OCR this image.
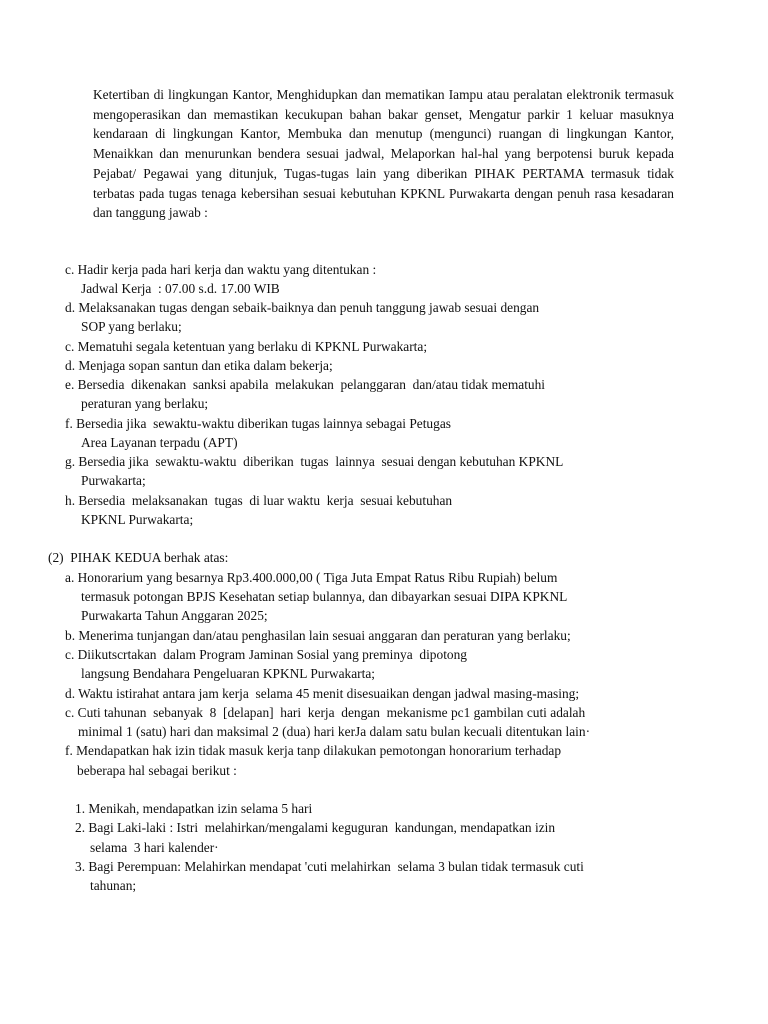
Ketertiban di lingkungan Kantor, Menghidupkan dan mematikan Iampu atau peralatan elektronik termasuk mengoperasikan dan memastikan kecukupan bahan bakar genset, Mengatur parkir 1 keluar masuknya kendaraan di lingkungan Kantor, Membuka dan menutup (mengunci) ruangan di lingkungan Kantor, Menaikkan dan menurunkan bendera sesuai jadwal, Melaporkan hal-hal yang berpotensi buruk kepada Pejabat/ Pegawai yang ditunjuk, Tugas-tugas lain yang diberikan PIHAK PERTAMA termasuk tidak terbatas pada tugas tenaga kebersihan sesuai kebutuhan KPKNL Purwakarta dengan penuh rasa kesadaran dan tanggung jawab :
c. Hadir kerja pada hari kerja dan waktu yang ditentukan :
Jadwal Kerja  : 07.00 s.d. 17.00 WIB
d. Melaksanakan tugas dengan sebaik-baiknya dan penuh tanggung jawab sesuai dengan
SOP yang berlaku;
c. Mematuhi segala ketentuan yang berlaku di KPKNL Purwakarta;
d. Menjaga sopan santun dan etika dalam bekerja;
e. Bersedia  dikenakan  sanksi apabila  melakukan  pelanggaran  dan/atau tidak mematuhi
peraturan yang berlaku;
f. Bersedia jika  sewaktu-waktu diberikan tugas lainnya sebagai Petugas
Area Layanan terpadu (APT)
g. Bersedia jika  sewaktu-waktu  diberikan  tugas  lainnya  sesuai dengan kebutuhan KPKNL
Purwakarta;
h. Bersedia  melaksanakan  tugas  di luar waktu  kerja  sesuai kebutuhan
KPKNL Purwakarta;
(2)  PIHAK KEDUA berhak atas:
a. Honorarium yang besarnya Rp3.400.000,00 ( Tiga Juta Empat Ratus Ribu Rupiah) belum
termasuk potongan BPJS Kesehatan setiap bulannya, dan dibayarkan sesuai DIPA KPKNL
Purwakarta Tahun Anggaran 2025;
b. Menerima tunjangan dan/atau penghasilan lain sesuai anggaran dan peraturan yang berlaku;
c. Diikutscrtakan  dalam Program Jaminan Sosial yang preminya  dipotong
langsung Bendahara Pengeluaran KPKNL Purwakarta;
d. Waktu istirahat antara jam kerja  selama 45 menit disesuaikan dengan jadwal masing-masing;
c. Cuti tahunan  sebanyak  8  [delapan]  hari  kerja  dengan  mekanisme pc1 gambilan cuti adalah
minimal 1 (satu) hari dan maksimal 2 (dua) hari kerJa dalam satu bulan kecuali ditentukan lain·
f. Mendapatkan hak izin tidak masuk kerja tanp dilakukan pemotongan honorarium terhadap
beberapa hal sebagai berikut :
1. Menikah, mendapatkan izin selama 5 hari
2. Bagi Laki-laki : Istri  melahirkan/mengalami keguguran  kandungan, mendapatkan izin
selama  3 hari kalender·
3. Bagi Perempuan: Melahirkan mendapat 'cuti melahirkan  selama 3 bulan tidak termasuk cuti
tahunan;
